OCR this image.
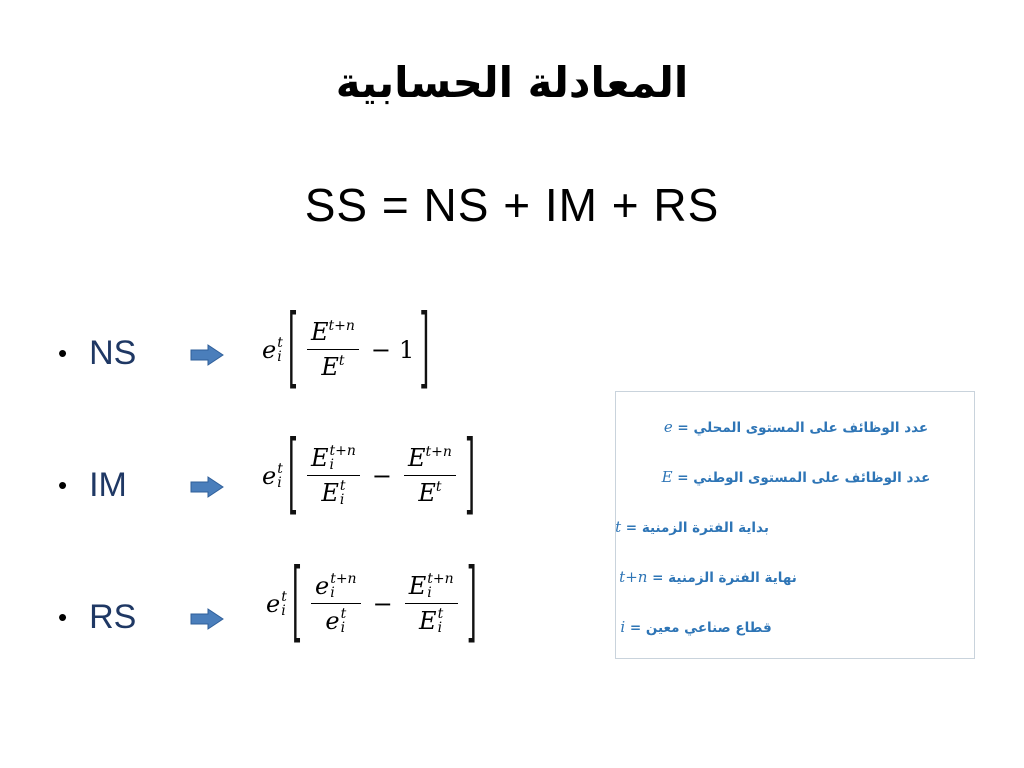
المعادلة الحسابية
SS = NS + IM + RS
• NS
• IM
• RS
e t
i [ $\frac{\text{E t+n}}{\text{E t}} - 1$ ]
e t
i [ E t+n
i
E t
$i - \frac{\text{E t+n}}{\text{E t}}$ ]
e t
i [ e t+n
i
e t
i − E t+n
i
E t
i ]
عدد الوظائف على المستوى المحلي = e
عدد الوظائف على المستوى الوطني = E
بداية الفترة الزمنية = t
نهاية الفترة الزمنية = t+n
قطاع صناعي معين = i
